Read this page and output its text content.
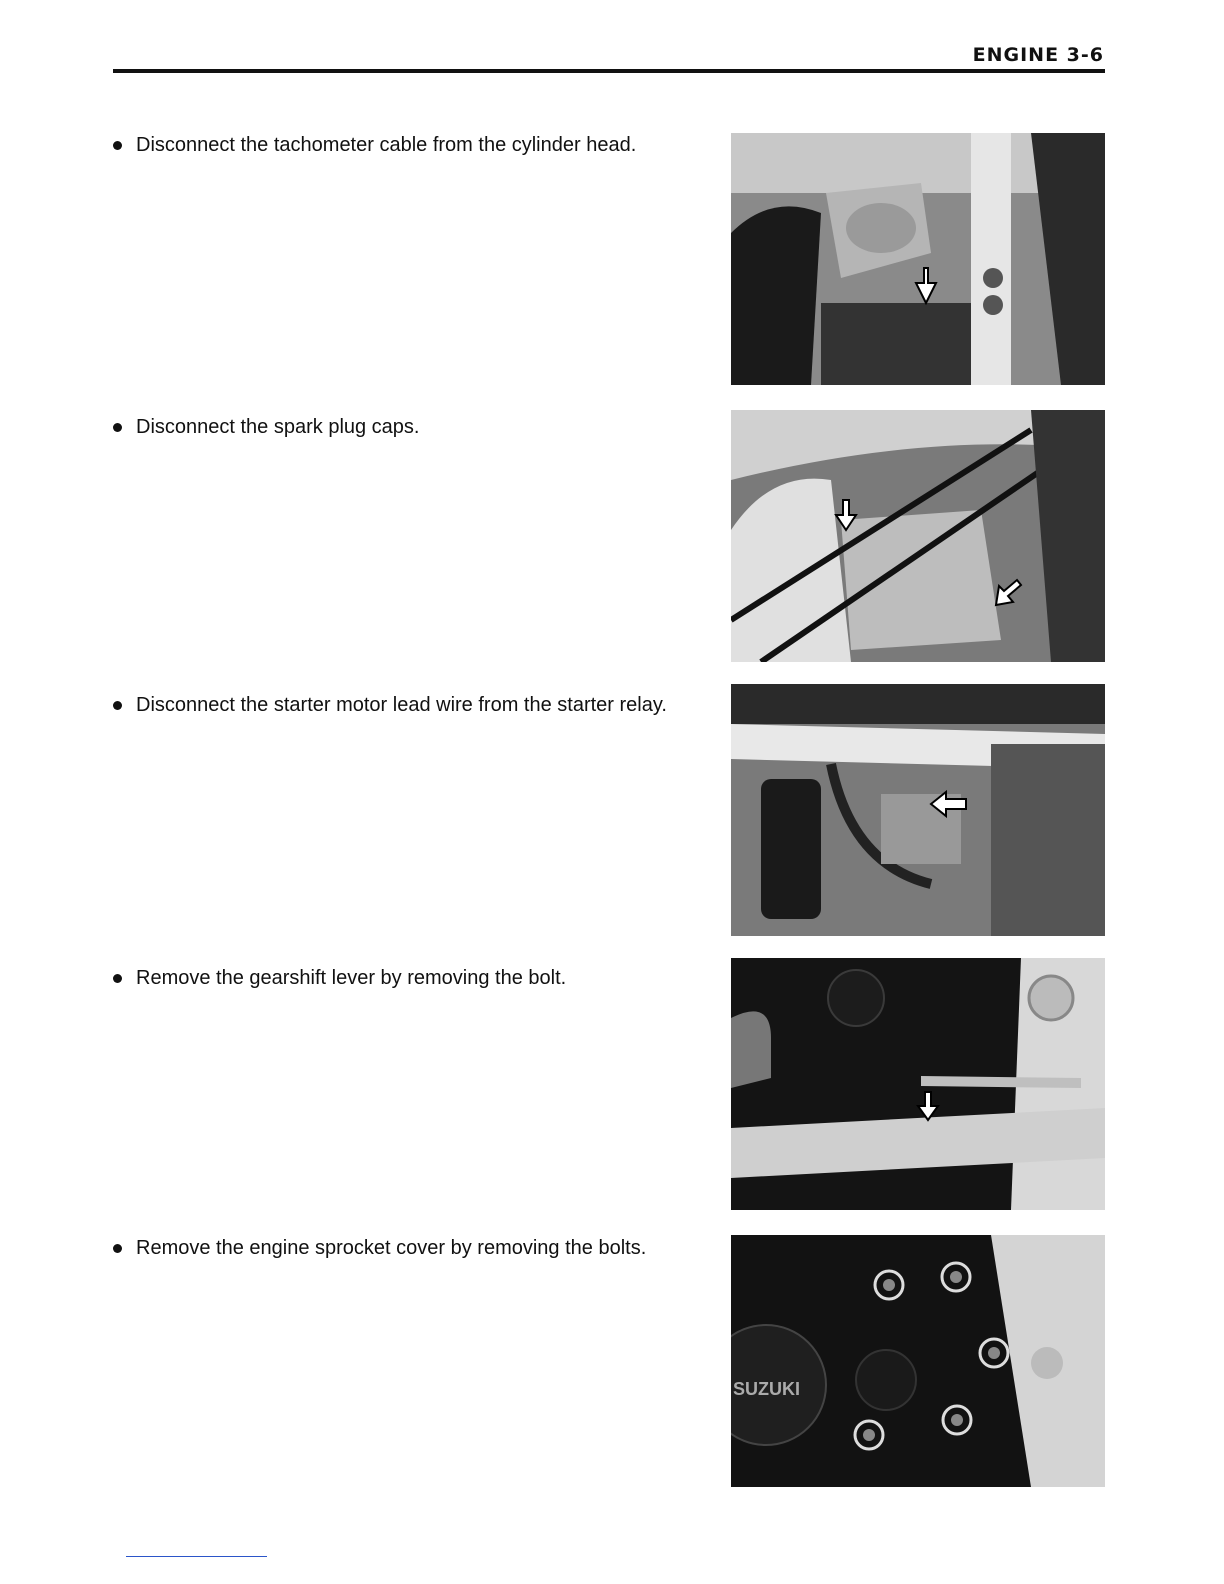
ENGINE 3-6
Disconnect the tachometer cable from the cylinder head.
Disconnect the spark plug caps.
Disconnect the starter motor lead wire from the starter relay.
Remove the gearshift lever by removing the bolt.
Remove the engine sprocket cover by removing the bolts.
SUZUKI
